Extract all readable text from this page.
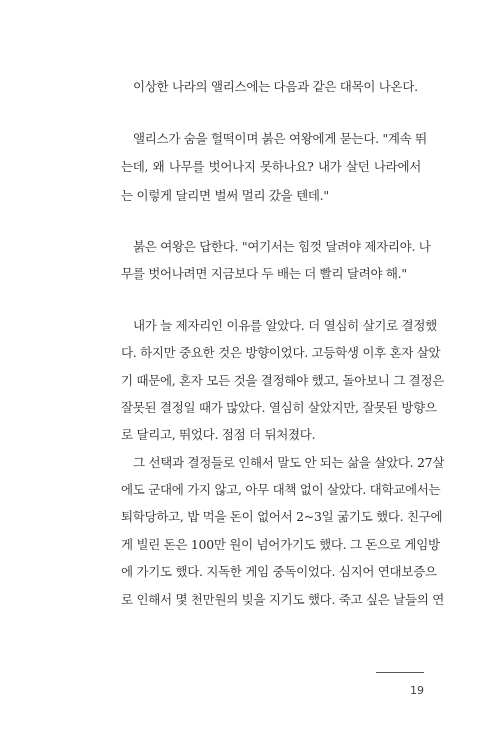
이상한 나라의 앨리스에는 다음과 같은 대목이 나온다.
앨리스가 숨을 헐떡이며 붉은 여왕에게 묻는다. "계속 뛰
는데, 왜 나무를 벗어나지 못하나요? 내가 살던 나라에서
는 이렇게 달리면 벌써 멀리 갔을 텐데."
붉은 여왕은 답한다. "여기서는 힘껏 달려야 제자리야. 나
무를 벗어나려면 지금보다 두 배는 더 빨리 달려야 해."
내가 늘 제자리인 이유를 알았다. 더 열심히 살기로 결정했
다. 하지만 중요한 것은 방향이었다. 고등학생 이후 혼자 살았
기 때문에, 혼자 모든 것을 결정해야 했고, 돌아보니 그 결정은
잘못된 결정일 때가 많았다. 열심히 살았지만, 잘못된 방향으
로 달리고, 뛰었다. 점점 더 뒤처졌다.
그 선택과 결정들로 인해서 말도 안 되는 삶을 살았다. 27살
에도 군대에 가지 않고, 아무 대책 없이 살았다. 대학교에서는
퇴학당하고, 밥 먹을 돈이 없어서 2~3일 굶기도 했다. 친구에
게 빌린 돈은 100만 원이 넘어가기도 했다. 그 돈으로 게임방
에 가기도 했다. 지독한 게임 중독이었다. 심지어 연대보증으
로 인해서 몇 천만원의 빚을 지기도 했다. 죽고 싶은 날들의 연
19
